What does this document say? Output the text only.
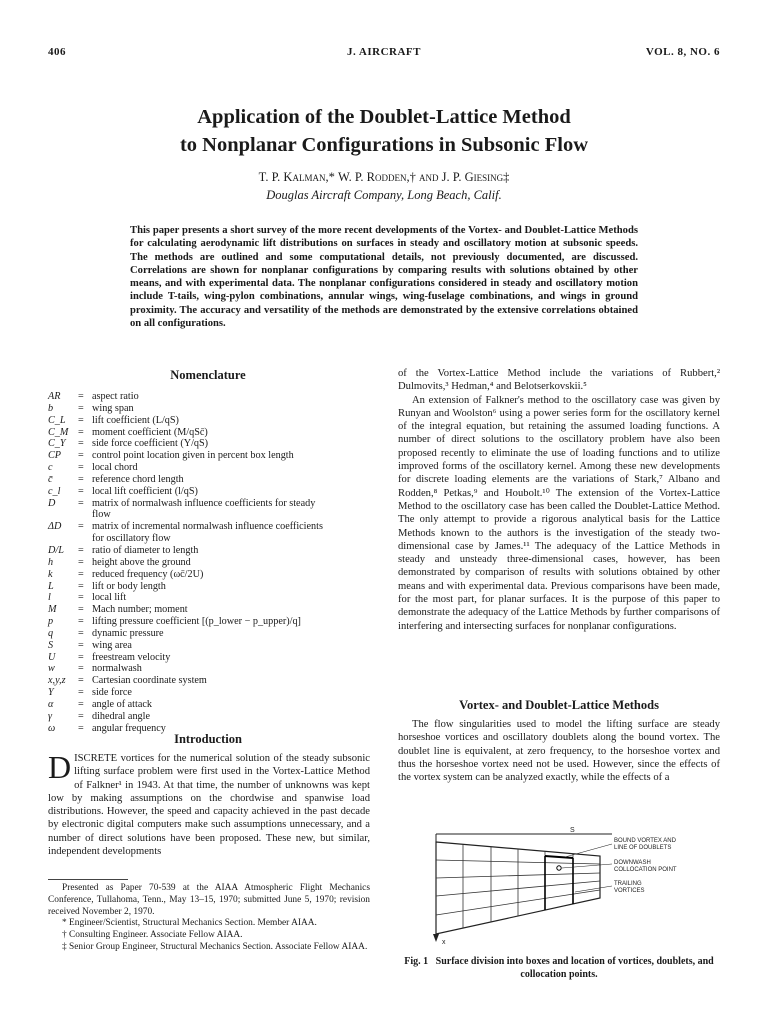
406	J. AIRCRAFT	VOL. 8, NO. 6
Application of the Doublet-Lattice Method
to Nonplanar Configurations in Subsonic Flow
T. P. Kalman,* W. P. Rodden,† and J. P. Giesing‡
Douglas Aircraft Company, Long Beach, Calif.
This paper presents a short survey of the more recent developments of the Vortex- and Doublet-Lattice Methods for calculating aerodynamic lift distributions on surfaces in steady and oscillatory motion at subsonic speeds. The methods are outlined and some computational details, not previously documented, are discussed. Correlations are shown for nonplanar configurations by comparing results with solutions obtained by other means, and with experimental data. The nonplanar configurations considered in steady and oscillatory motion include T-tails, wing-pylon combinations, annular wings, wing-fuselage combinations, and wings in ground proximity. The accuracy and versatility of the methods are demonstrated by the extensive correlations obtained on all configurations.
Nomenclature
AR	= aspect ratio
b	= wing span
C_L	= lift coefficient (L/qS)
C_M = moment coefficient (M/qSc̄)
C_Y	= side force coefficient (Y/qS)
CP	= control point location given in percent box length
c	= local chord
c̄	= reference chord length
c_l	= local lift coefficient (l/qS)
D	= matrix of normalwash influence coefficients for steady
flow
ΔD	= matrix of incremental normalwash influence coefficients
for oscillatory flow
D/L	= ratio of diameter to length
h	= height above the ground
k	= reduced frequency (ωc̄/2U)
L	= lift or body length
l	= local lift
M	= Mach number; moment
p	= lifting pressure coefficient [(p_lower − p_upper)/q]
q	= dynamic pressure
S	= wing area
U	= freestream velocity
w	= normalwash
x,y,z	= Cartesian coordinate system
Y	= side force
α	= angle of attack
γ	= dihedral angle
ω	= angular frequency
Introduction
DISCRETE vortices for the numerical solution of the steady subsonic lifting surface problem were first used in the Vortex-Lattice Method of Falkner¹ in 1943. At that time, the number of unknowns was kept low by making assumptions on the chordwise and spanwise load distributions. However, the speed and capacity achieved in the past decade by electronic digital computers make such assumptions unnecessary, and a number of direct solutions have been proposed. These new, but similar, independent developments

Presented as Paper 70-539 at the AIAA Atmospheric Flight Mechanics Conference, Tullahoma, Tenn., May 13–15, 1970; submitted June 5, 1970; revision received November 2, 1970.

* Engineer/Scientist, Structural Mechanics Section. Member AIAA.

† Consulting Engineer. Associate Fellow AIAA.

‡ Senior Group Engineer, Structural Mechanics Section. Associate Fellow AIAA.

of the Vortex-Lattice Method include the variations of Rubbert,² Dulmovits,³ Hedman,⁴ and Belotserkovskii.⁵

An extension of Falkner's method to the oscillatory case was given by Runyan and Woolston⁶ using a power series form for the oscillatory kernel of the integral equation, but retaining the assumed loading functions. A number of direct solutions to the oscillatory problem have also been proposed recently to eliminate the use of loading functions and to utilize improved forms of the oscillatory kernel. Among these new developments for discrete loading elements are the variations of Stark,⁷ Albano and Rodden,⁸ Petkas,⁹ and Houbolt.¹⁰ The extension of the Vortex-Lattice Method to the oscillatory case has been called the Doublet-Lattice Method. The only attempt to provide a rigorous analytical basis for the Lattice Methods known to the authors is the investigation of the steady two-dimensional case by James.¹¹ The adequacy of the Lattice Methods in steady and unsteady three-dimensional cases, however, has been demonstrated by comparison of results with solutions obtained by other means and with experimental data. Previous comparisons have been made, for the most part, for planar surfaces. It is the purpose of this paper to demonstrate the adequacy of the Lattice Methods by further comparisons of interfering and intersecting surfaces for nonplanar configurations.

Vortex- and Doublet-Lattice Methods

The flow singularities used to model the lifting surface are steady horseshoe vortices and oscillatory doublets along the bound vortex. The doublet line is equivalent, at zero frequency, to the horseshoe vortex and thus the horseshoe vortex need not be used. However, since the effects of the vortex system can be analyzed exactly, while the effects of a

S
x
BOUND VORTEX AND
LINE OF DOUBLETS
DOWNWASH
COLLOCATION POINT
TRAILING
VORTICES
Fig. 1 Surface division into boxes and location of vortices, doublets, and collocation points.
